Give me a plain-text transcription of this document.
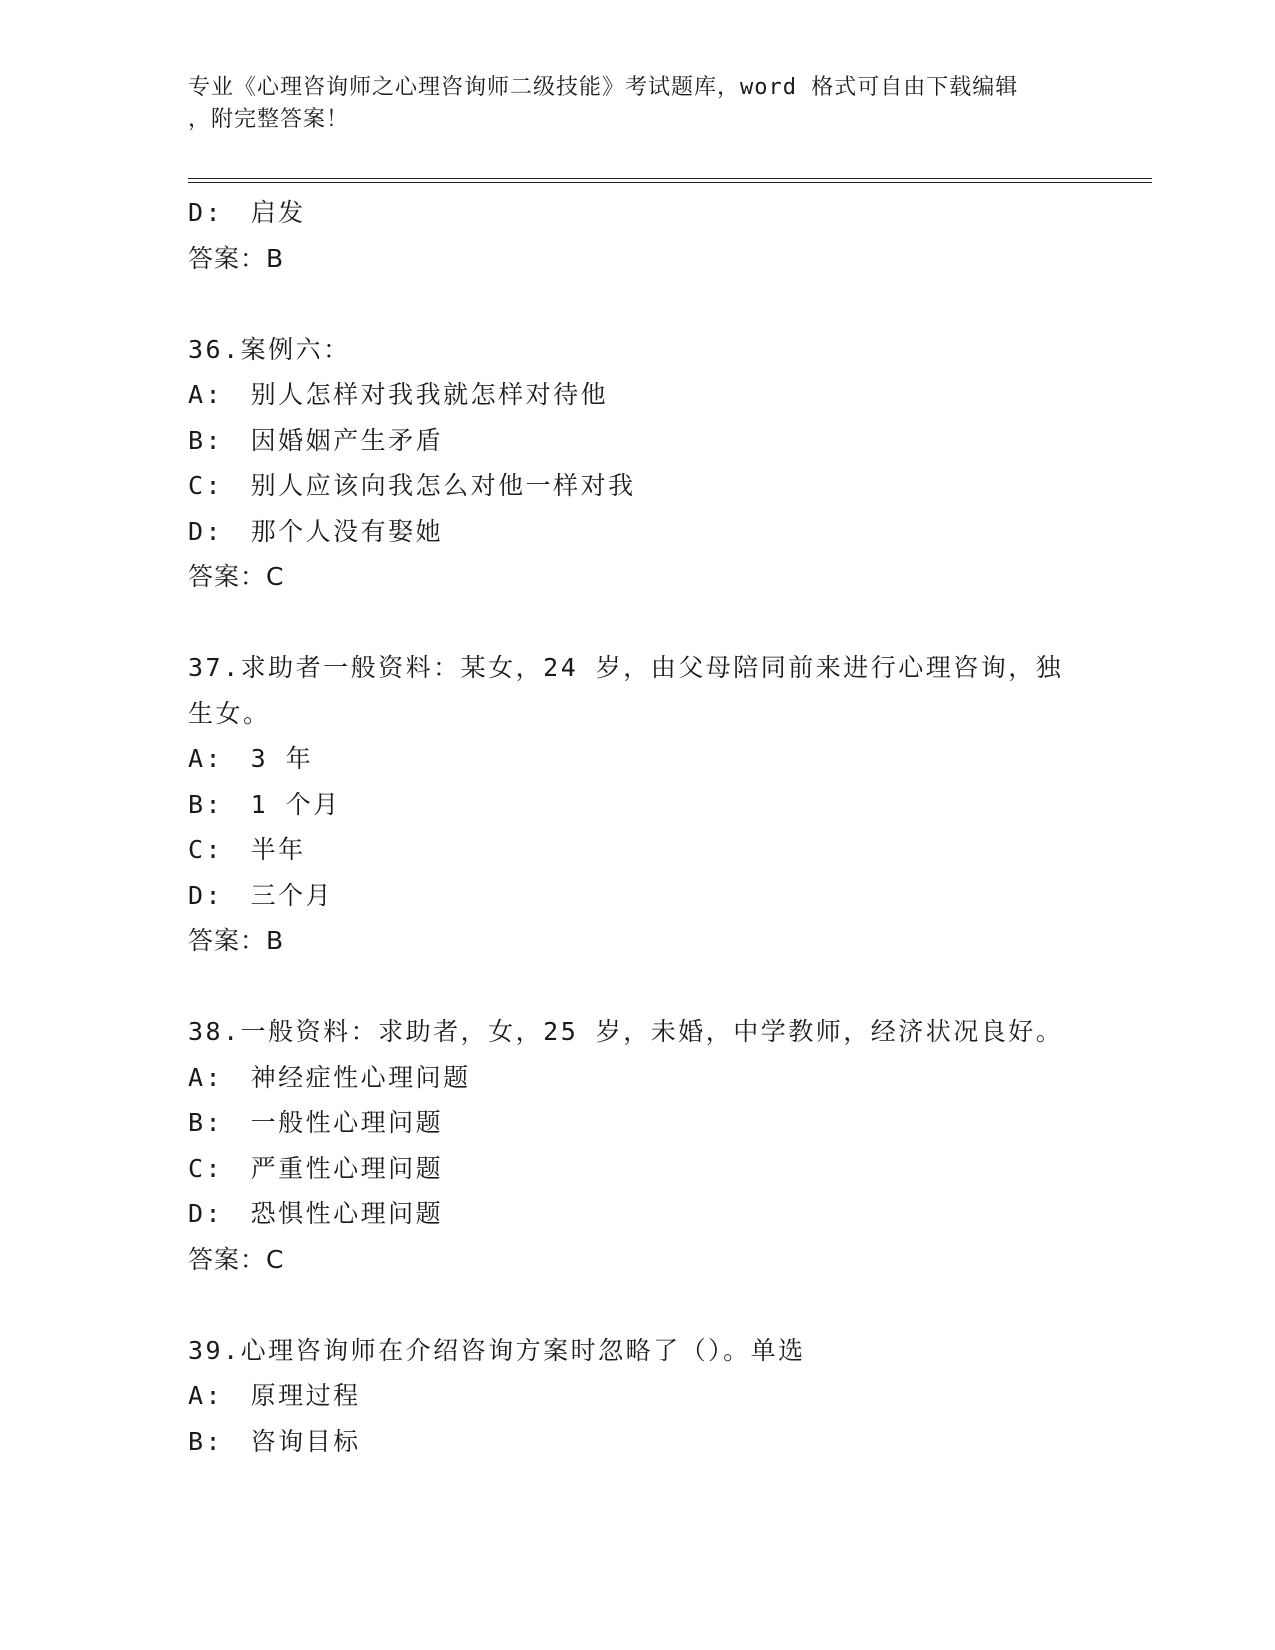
专业《心理咨询师之心理咨询师二级技能》考试题库，word 格式可自由下载编辑
，附完整答案！
D:　启发
答案：B
36.案例六：
A:　别人怎样对我我就怎样对待他
B:　因婚姻产生矛盾
C:　别人应该向我怎么对他一样对我
D:　那个人没有娶她
答案：C
37.求助者一般资料：某女，24 岁，由父母陪同前来进行心理咨询，独
生女。
A:　3 年
B:　1 个月
C:　半年
D:　三个月
答案：B
38.一般资料：求助者，女，25 岁，未婚，中学教师，经济状况良好。
A:　神经症性心理问题
B:　一般性心理问题
C:　严重性心理问题
D:　恐惧性心理问题
答案：C
39.心理咨询师在介绍咨询方案时忽略了（）。单选
A:　原理过程
B:　咨询目标
